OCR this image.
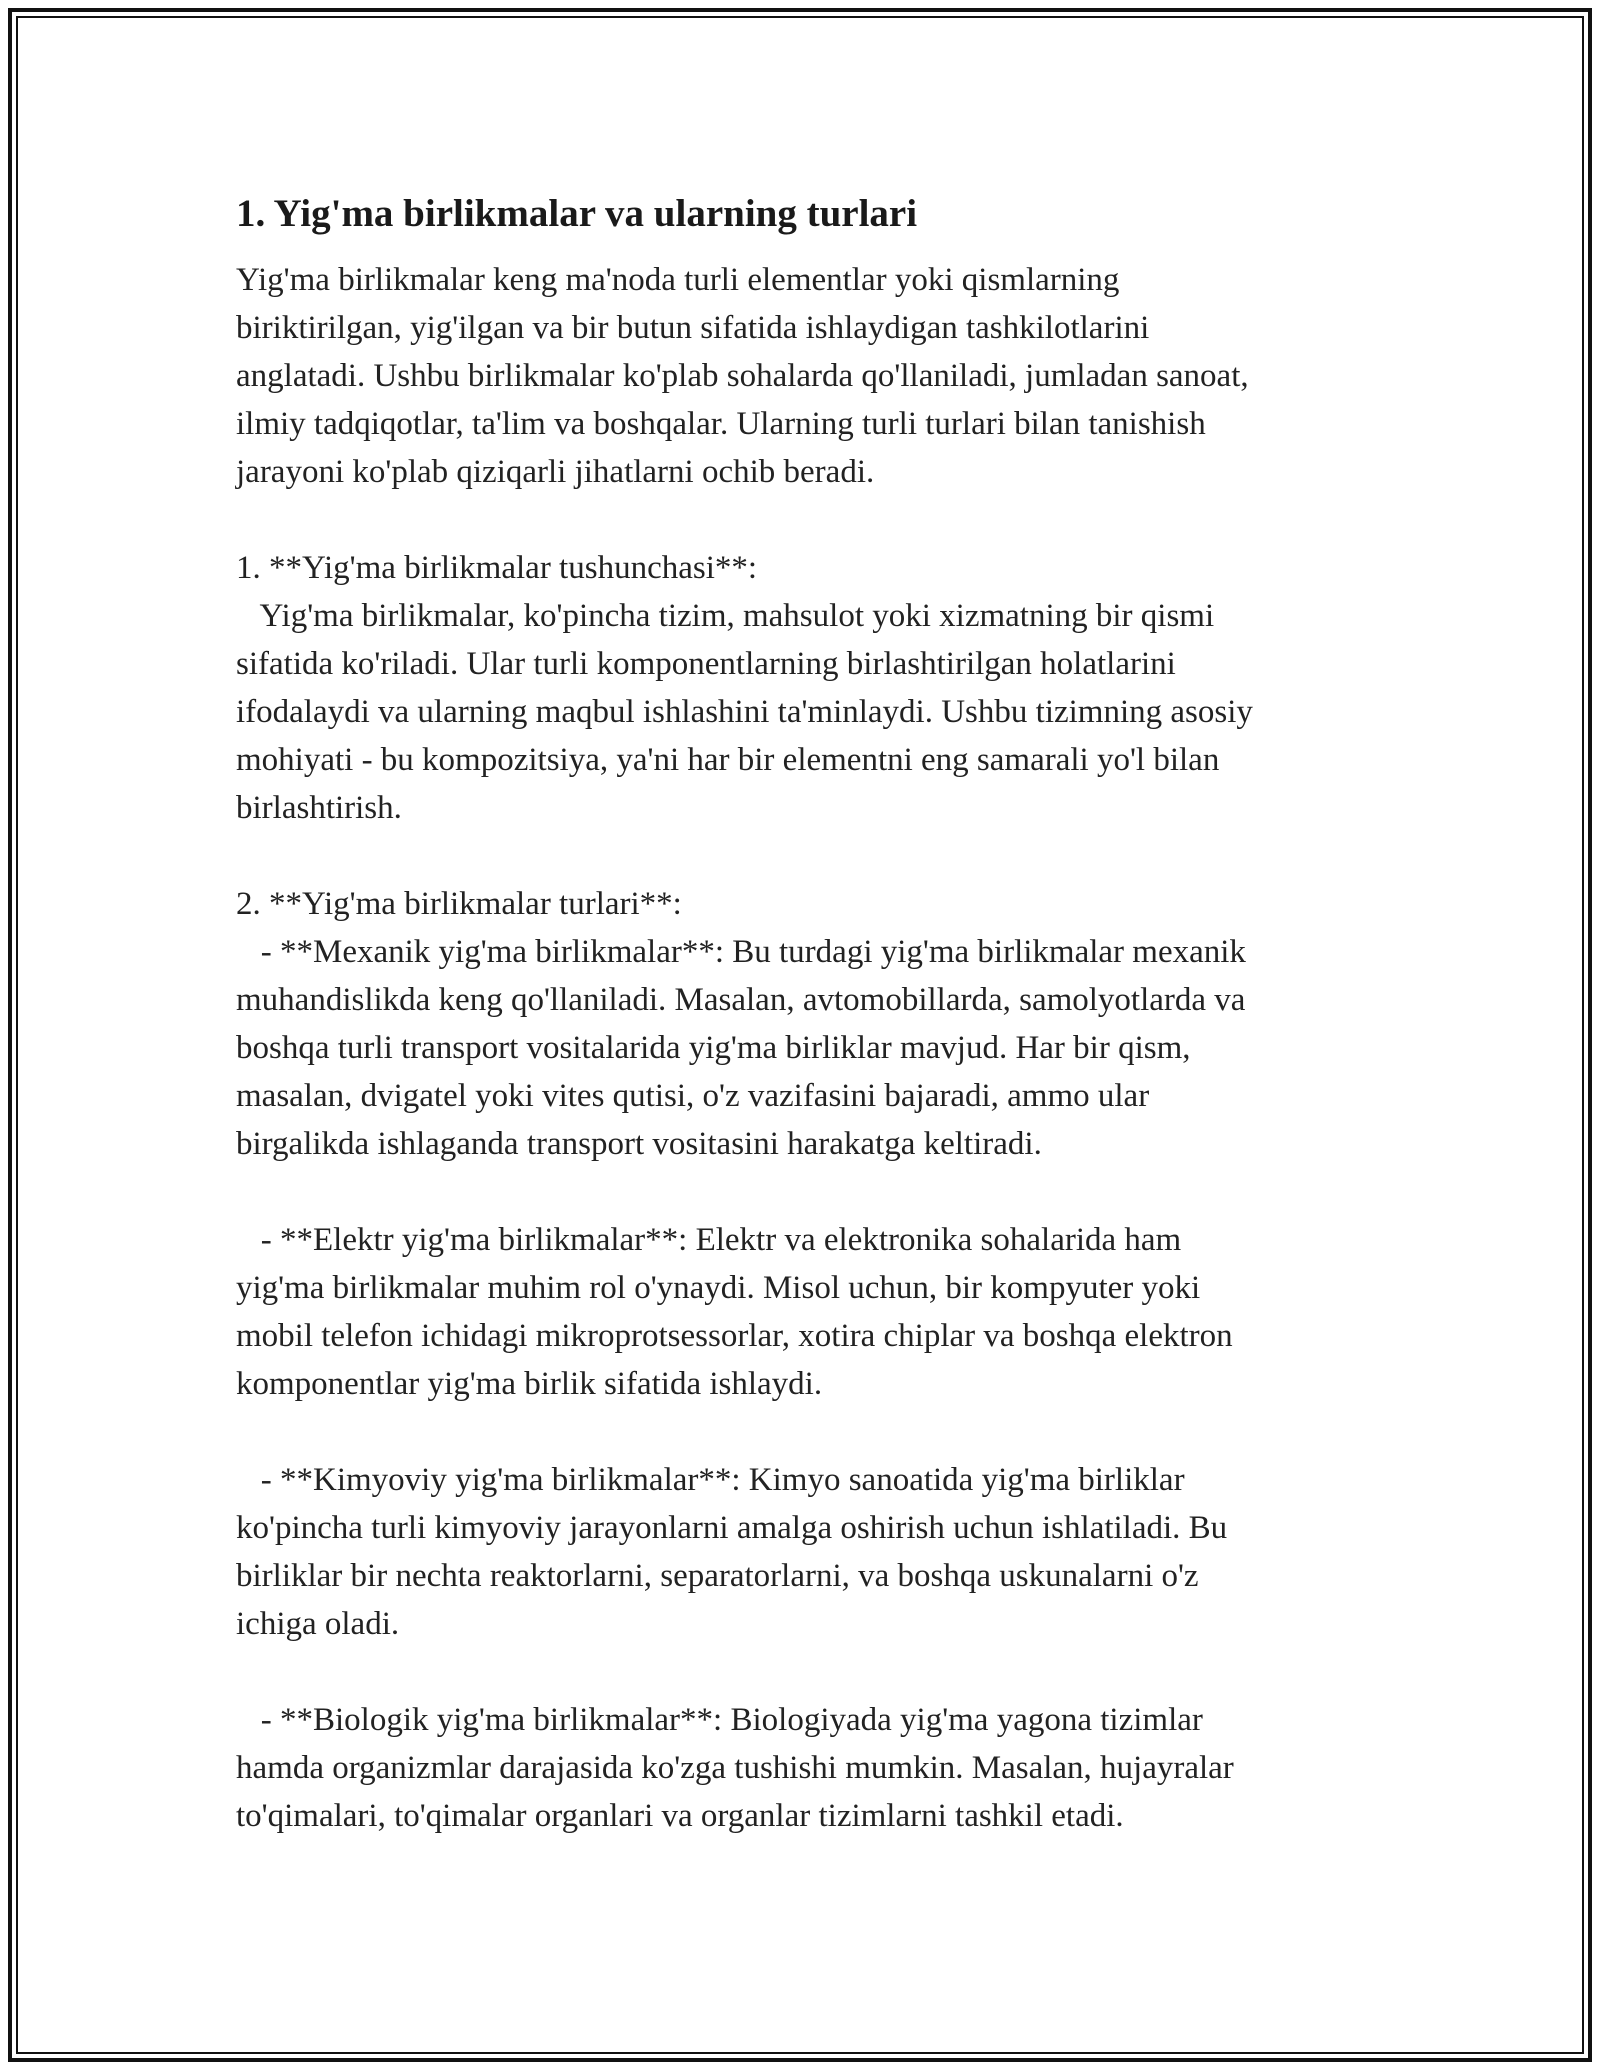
1. Yig'ma birlikmalar va ularning turlari
Yig'ma birlikmalar keng ma'noda turli elementlar yoki qismlarning
biriktirilgan, yig'ilgan va bir butun sifatida ishlaydigan tashkilotlarini
anglatadi. Ushbu birlikmalar ko'plab sohalarda qo'llaniladi, jumladan sanoat,
ilmiy tadqiqotlar, ta'lim va boshqalar. Ularning turli turlari bilan tanishish
jarayoni ko'plab qiziqarli jihatlarni ochib beradi.
1. **Yig'ma birlikmalar tushunchasi**:
Yig'ma birlikmalar, ko'pincha tizim, mahsulot yoki xizmatning bir qismi
sifatida ko'riladi. Ular turli komponentlarning birlashtirilgan holatlarini
ifodalaydi va ularning maqbul ishlashini ta'minlaydi. Ushbu tizimning asosiy
mohiyati - bu kompozitsiya, ya'ni har bir elementni eng samarali yo'l bilan
birlashtirish.
2. **Yig'ma birlikmalar turlari**:
- **Mexanik yig'ma birlikmalar**: Bu turdagi yig'ma birlikmalar mexanik
muhandislikda keng qo'llaniladi. Masalan, avtomobillarda, samolyotlarda va
boshqa turli transport vositalarida yig'ma birliklar mavjud. Har bir qism,
masalan, dvigatel yoki vites qutisi, o'z vazifasini bajaradi, ammo ular
birgalikda ishlaganda transport vositasini harakatga keltiradi.
- **Elektr yig'ma birlikmalar**: Elektr va elektronika sohalarida ham
yig'ma birlikmalar muhim rol o'ynaydi. Misol uchun, bir kompyuter yoki
mobil telefon ichidagi mikroprotsessorlar, xotira chiplar va boshqa elektron
komponentlar yig'ma birlik sifatida ishlaydi.
- **Kimyoviy yig'ma birlikmalar**: Kimyo sanoatida yig'ma birliklar
ko'pincha turli kimyoviy jarayonlarni amalga oshirish uchun ishlatiladi. Bu
birliklar bir nechta reaktorlarni, separatorlarni, va boshqa uskunalarni o'z
ichiga oladi.
- **Biologik yig'ma birlikmalar**: Biologiyada yig'ma yagona tizimlar
hamda organizmlar darajasida ko'zga tushishi mumkin. Masalan, hujayralar
to'qimalari, to'qimalar organlari va organlar tizimlarni tashkil etadi.
